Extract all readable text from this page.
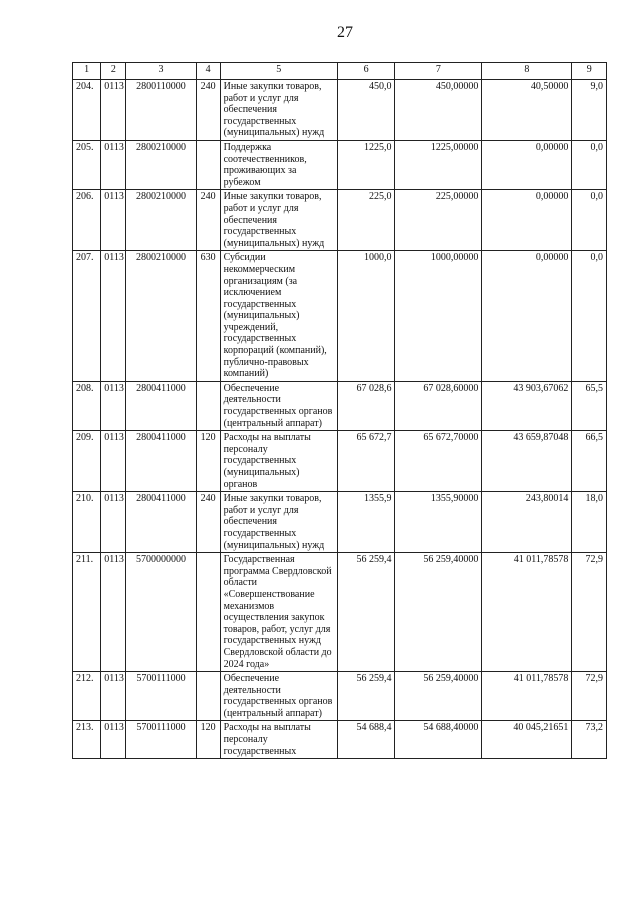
27
1	2	3	4	5	6	7	8	9
204.	0113	2800110000	240	Иные закупки товаров, работ и услуг для обеспечения государственных (муниципальных) нужд	450,0	450,00000	40,50000	9,0
205.	0113	2800210000		Поддержка соотечественников, проживающих за рубежом	1225,0	1225,00000	0,00000	0,0
206.	0113	2800210000	240	Иные закупки товаров, работ и услуг для обеспечения государственных (муниципальных) нужд	225,0	225,00000	0,00000	0,0
207.	0113	2800210000	630	Субсидии некоммерческим организациям (за исключением государственных (муниципальных) учреждений, государственных корпораций (компаний), публично-правовых компаний)	1000,0	1000,00000	0,00000	0,0
208.	0113	2800411000		Обеспечение деятельности государственных органов (центральный аппарат)	67 028,6	67 028,60000	43 903,67062	65,5
209.	0113	2800411000	120	Расходы на выплаты персоналу государственных (муниципальных) органов	65 672,7	65 672,70000	43 659,87048	66,5
210.	0113	2800411000	240	Иные закупки товаров, работ и услуг для обеспечения государственных (муниципальных) нужд	1355,9	1355,90000	243,80014	18,0
211.	0113	5700000000		Государственная программа Свердловской области «Совершенствование механизмов осуществления закупок товаров, работ, услуг для государственных нужд Свердловской области до 2024 года»	56 259,4	56 259,40000	41 011,78578	72,9
212.	0113	5700111000		Обеспечение деятельности государственных органов (центральный аппарат)	56 259,4	56 259,40000	41 011,78578	72,9
213.	0113	5700111000	120	Расходы на выплаты персоналу государственных	54 688,4	54 688,40000	40 045,21651	73,2
